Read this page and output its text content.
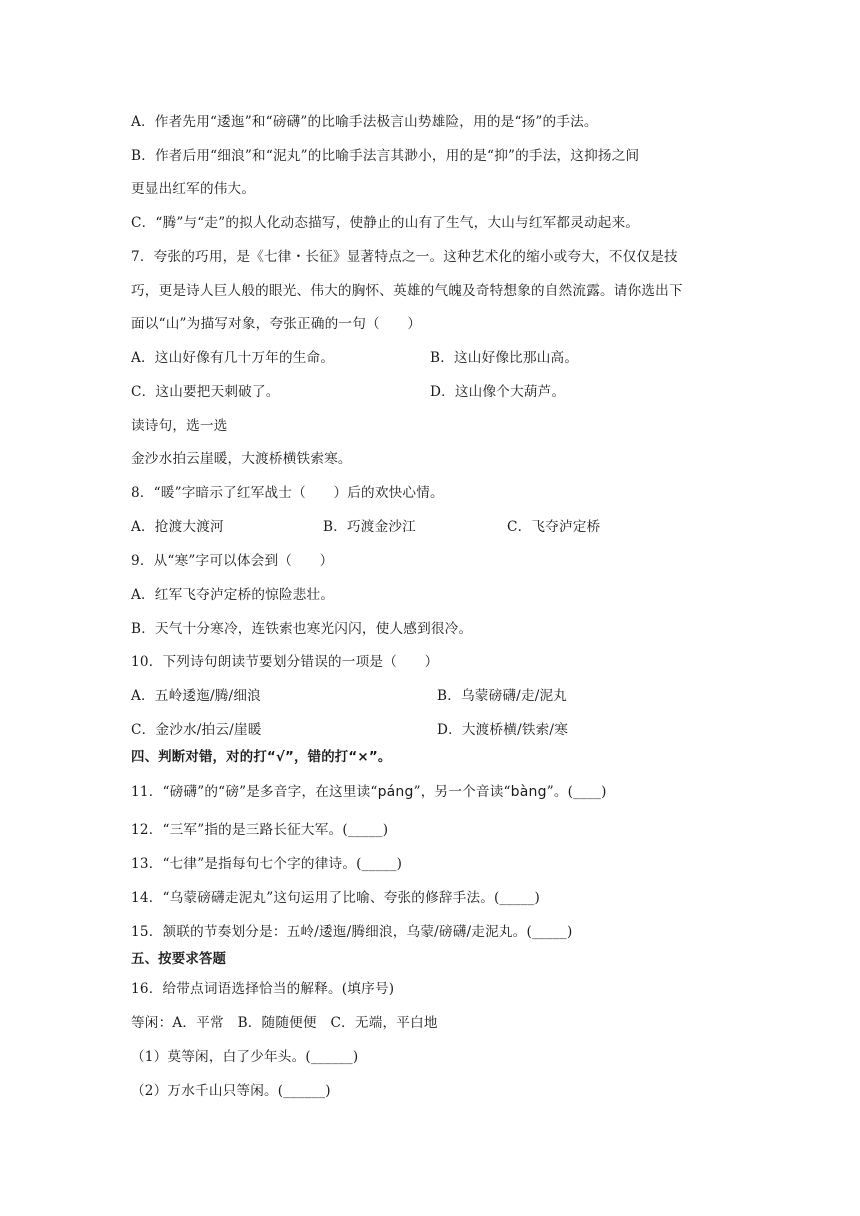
A．作者先用“逶迤”和“磅礴”的比喻手法极言山势雄险，用的是“扬”的手法。
B．作者后用“细浪”和“泥丸”的比喻手法言其渺小，用的是“抑”的手法，这抑扬之间
更显出红军的伟大。
C．“腾”与“走”的拟人化动态描写，使静止的山有了生气，大山与红军都灵动起来。
7．夸张的巧用，是《七律・长征》显著特点之一。这种艺术化的缩小或夸大，不仅仅是技
巧，更是诗人巨人般的眼光、伟大的胸怀、英雄的气魄及奇特想象的自然流露。请你选出下
面以“山”为描写对象，夸张正确的一句（　　）
A．这山好像有几十万年的生命。	B．这山好像比那山高。
C．这山要把天刺破了。	D．这山像个大葫芦。
读诗句，选一选
金沙水拍云崖暖，大渡桥横铁索寒。
8．“暖”字暗示了红军战士（　　）后的欢快心情。
A．抢渡大渡河	B．巧渡金沙江	C．飞夺泸定桥
9．从“寒”字可以体会到（　　）
A．红军飞夺泸定桥的惊险悲壮。
B．天气十分寒冷，连铁索也寒光闪闪，使人感到很冷。
10．下列诗句朗读节要划分错误的一项是（　　）
A．五岭逶迤/腾/细浪	B．乌蒙磅礴/走/泥丸
C．金沙水/拍云/崖暖	D．大渡桥横/铁索/寒
四、判断对错，对的打“√”，错的打“×”。
11．“磅礴”的“磅”是多音字，在这里读“páng”，另一个音读“bàng”。(____)
12．“三军”指的是三路长征大军。(_____)
13．“七律”是指每句七个字的律诗。(_____)
14．“乌蒙磅礴走泥丸”这句运用了比喻、夸张的修辞手法。(_____)
15．颔联的节奏划分是：五岭/逶迤/腾细浪，乌蒙/磅礴/走泥丸。(_____)
五、按要求答题
16．给带点词语选择恰当的解释。(填序号)
等闲：A．平常　B．随随便便　C．无端，平白地
（1）莫等闲，白了少年头。(______)
（2）万水千山只等闲。(______)
